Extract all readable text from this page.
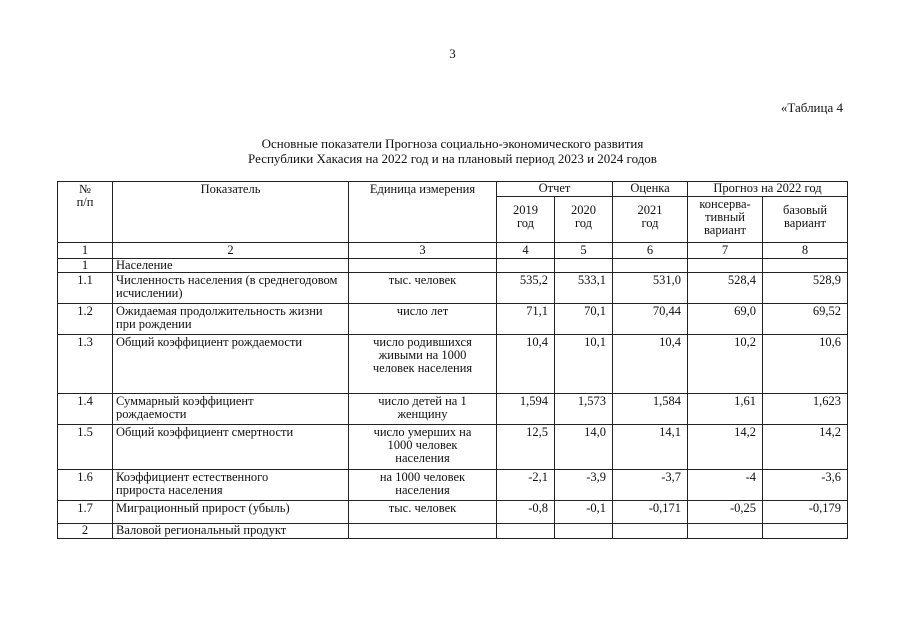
3
«Таблица 4
Основные показатели Прогноза социально-экономического развития
Республики Хакасия на 2022 год и на плановый период 2023 и 2024 годов
№
п/п	Показатель	Единица измерения	Отчет		Оценка	Прогноз на 2022 год	
			2019 год	2020 год	2021 год	консерва-тивный вариант	базовый вариант
1	2	3	4	5	6	7	8
1	Население						
1.1	Численность населения (в среднегодовом исчислении)	тыс. человек	535,2	533,1	531,0	528,4	528,9
1.2	Ожидаемая продолжительность жизни при рождении	число лет	71,1	70,1	70,44	69,0	69,52
1.3	Общий коэффициент рождаемости	число родившихся живыми на 1000 человек населения	10,4	10,1	10,4	10,2	10,6
1.4	Суммарный коэффициент рождаемости	число детей на 1 женщину	1,594	1,573	1,584	1,61	1,623
1.5	Общий коэффициент смертности	число умерших на 1000 человек населения	12,5	14,0	14,1	14,2	14,2
1.6	Коэффициент естественного прироста населения	на 1000 человек населения	-2,1	-3,9	-3,7	-4	-3,6
1.7	Миграционный прирост (убыль)	тыс. человек	-0,8	-0,1	-0,171	-0,25	-0,179
2	Валовой региональный продукт						
